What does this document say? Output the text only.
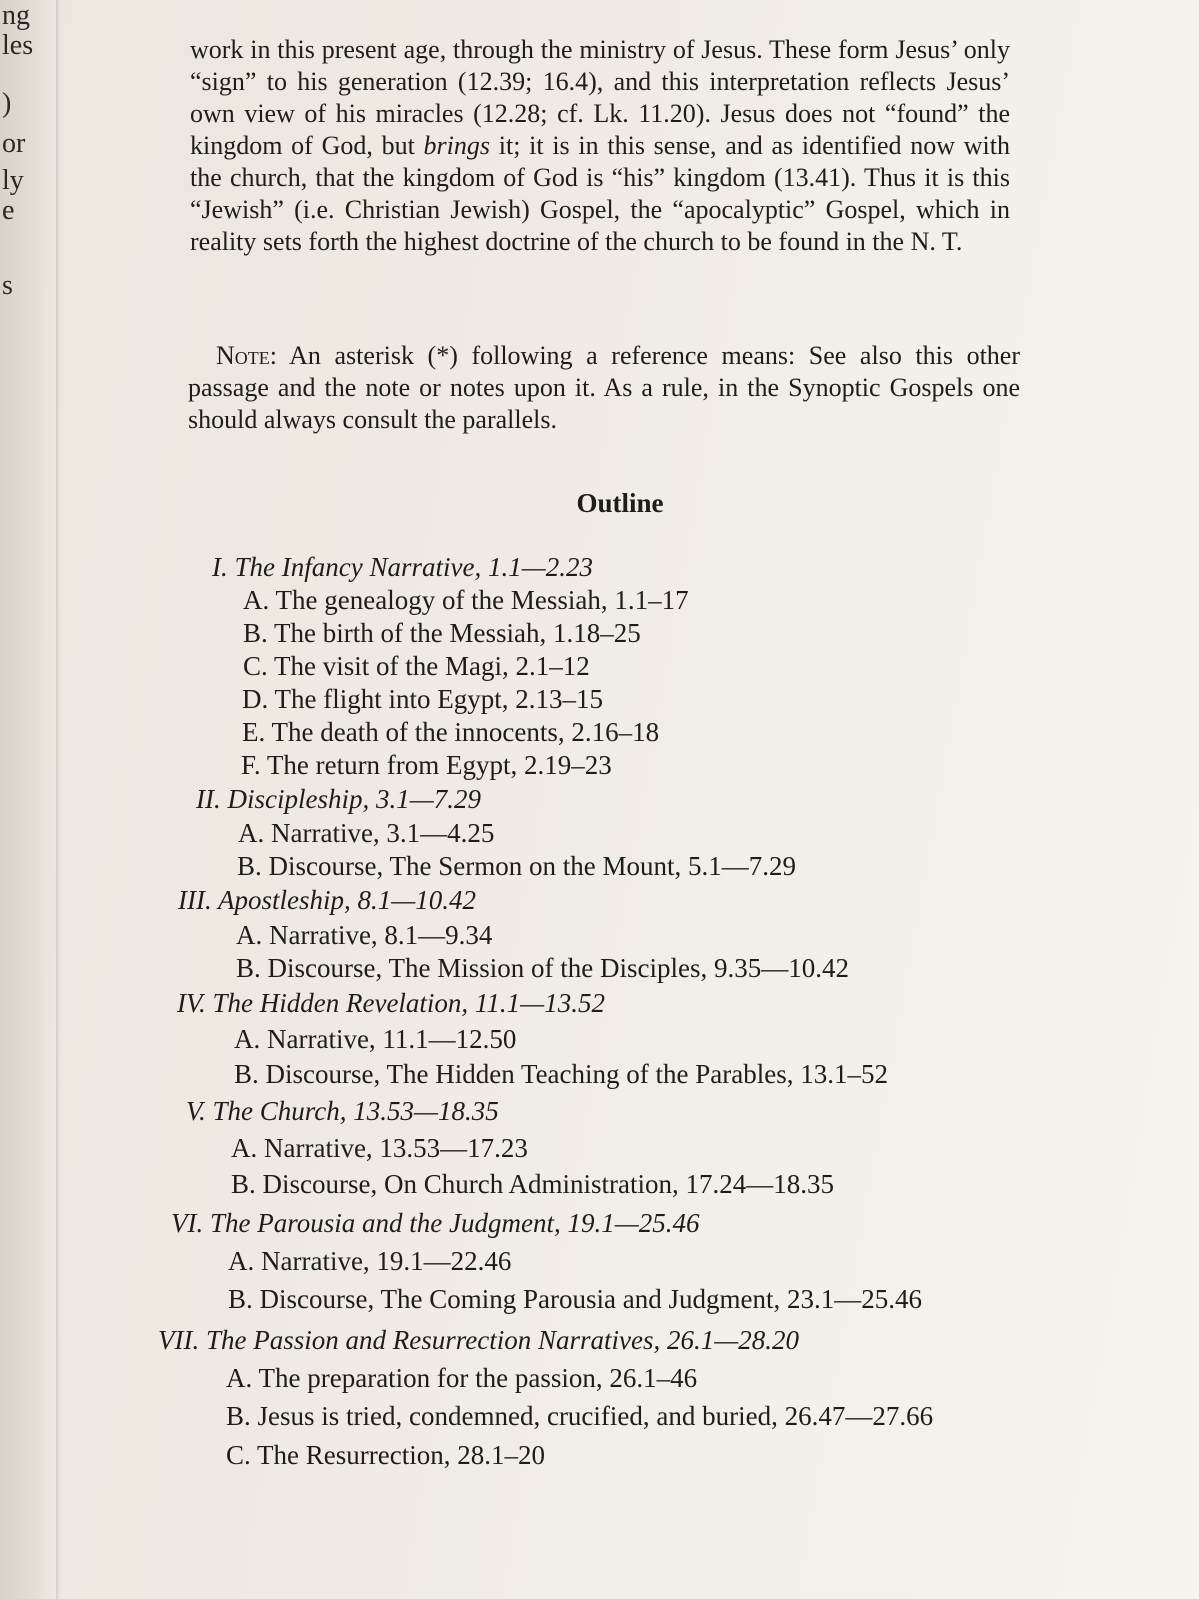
ng
les
)
or
ly
e
s

work in this present age, through the ministry of Jesus. These form Jesus’ only “sign” to his generation (12.39; 16.4), and this interpretation reflects Jesus’ own view of his miracles (12.28; cf. Lk. 11.20). Jesus does not “found” the kingdom of God, but brings it; it is in this sense, and as identified now with the church, that the kingdom of God is “his” kingdom (13.41). Thus it is this “Jewish” (i.e. Christian Jewish) Gospel, the “apocalyptic” Gospel, which in reality sets forth the highest doctrine of the church to be found in the N. T.

Note: An asterisk (*) following a reference means: See also this other passage and the note or notes upon it. As a rule, in the Synoptic Gospels one should always consult the parallels.

Outline
I. The Infancy Narrative, 1.1—2.23
A. The genealogy of the Messiah, 1.1–17
B. The birth of the Messiah, 1.18–25
C. The visit of the Magi, 2.1–12
D. The flight into Egypt, 2.13–15
E. The death of the innocents, 2.16–18
F. The return from Egypt, 2.19–23
II. Discipleship, 3.1—7.29
A. Narrative, 3.1—4.25
B. Discourse, The Sermon on the Mount, 5.1—7.29
III. Apostleship, 8.1—10.42
A. Narrative, 8.1—9.34
B. Discourse, The Mission of the Disciples, 9.35—10.42
IV. The Hidden Revelation, 11.1—13.52
A. Narrative, 11.1—12.50
B. Discourse, The Hidden Teaching of the Parables, 13.1–52
V. The Church, 13.53—18.35
A. Narrative, 13.53—17.23
B. Discourse, On Church Administration, 17.24—18.35
VI. The Parousia and the Judgment, 19.1—25.46
A. Narrative, 19.1—22.46
B. Discourse, The Coming Parousia and Judgment, 23.1—25.46
VII. The Passion and Resurrection Narratives, 26.1—28.20
A. The preparation for the passion, 26.1–46
B. Jesus is tried, condemned, crucified, and buried, 26.47—27.66
C. The Resurrection, 28.1–20
